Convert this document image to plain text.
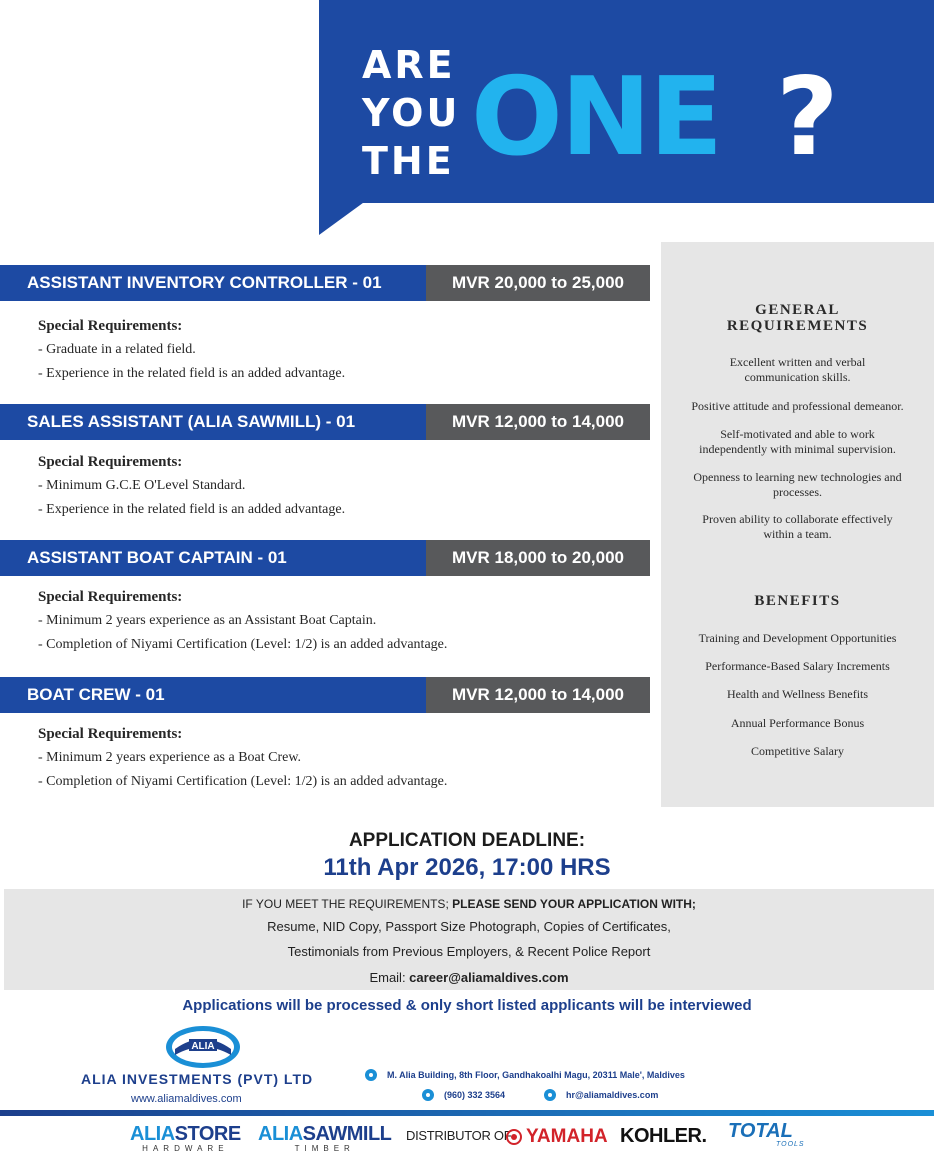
ARE
YOU
THE ONE ?
ASSISTANT INVENTORY CONTROLLER - 01	MVR 20,000 to 25,000
Special Requirements:
- Graduate in a related field.
- Experience in the related field is an added advantage.
SALES ASSISTANT (ALIA SAWMILL) - 01	MVR 12,000 to 14,000
Special Requirements:
- Minimum G.C.E O'Level Standard.
- Experience in the related field is an added advantage.
ASSISTANT BOAT CAPTAIN - 01	MVR 18,000 to 20,000
Special Requirements:
- Minimum 2 years experience as an Assistant Boat Captain.
- Completion of Niyami Certification (Level: 1/2) is an added advantage.
BOAT CREW - 01	MVR 12,000 to 14,000
Special Requirements:
- Minimum 2 years experience as a Boat Crew.
- Completion of Niyami Certification (Level: 1/2) is an added advantage.
GENERAL
REQUIREMENTS
Excellent written and verbal communication skills.
Positive attitude and professional demeanor.
Self-motivated and able to work independently with minimal supervision.
Openness to learning new technologies and processes.
Proven ability to collaborate effectively within a team.
BENEFITS
Training and Development Opportunities
Performance-Based Salary Increments
Health and Wellness Benefits
Annual Performance Bonus
Competitive Salary
APPLICATION DEADLINE:
11th Apr 2026, 17:00 HRS
IF YOU MEET THE REQUIREMENTS; PLEASE SEND YOUR APPLICATION WITH;
Resume, NID Copy, Passport Size Photograph, Copies of Certificates,
Testimonials from Previous Employers, & Recent Police Report
Email: career@aliamaldives.com
Applications will be processed & only short listed applicants will be interviewed
ALIA
ALIA INVESTMENTS (PVT) LTD
www.aliamaldives.com
M. Alia Building, 8th Floor, Gandhakoalhi Magu, 20311 Male', Maldives
(960) 332 3564	hr@aliamaldives.com
ALIASTORE
HARDWARE
ALIASAWMILL
TIMBER
DISTRIBUTOR OF YAMAHA KOHLER. TOTAL
TOOLS
